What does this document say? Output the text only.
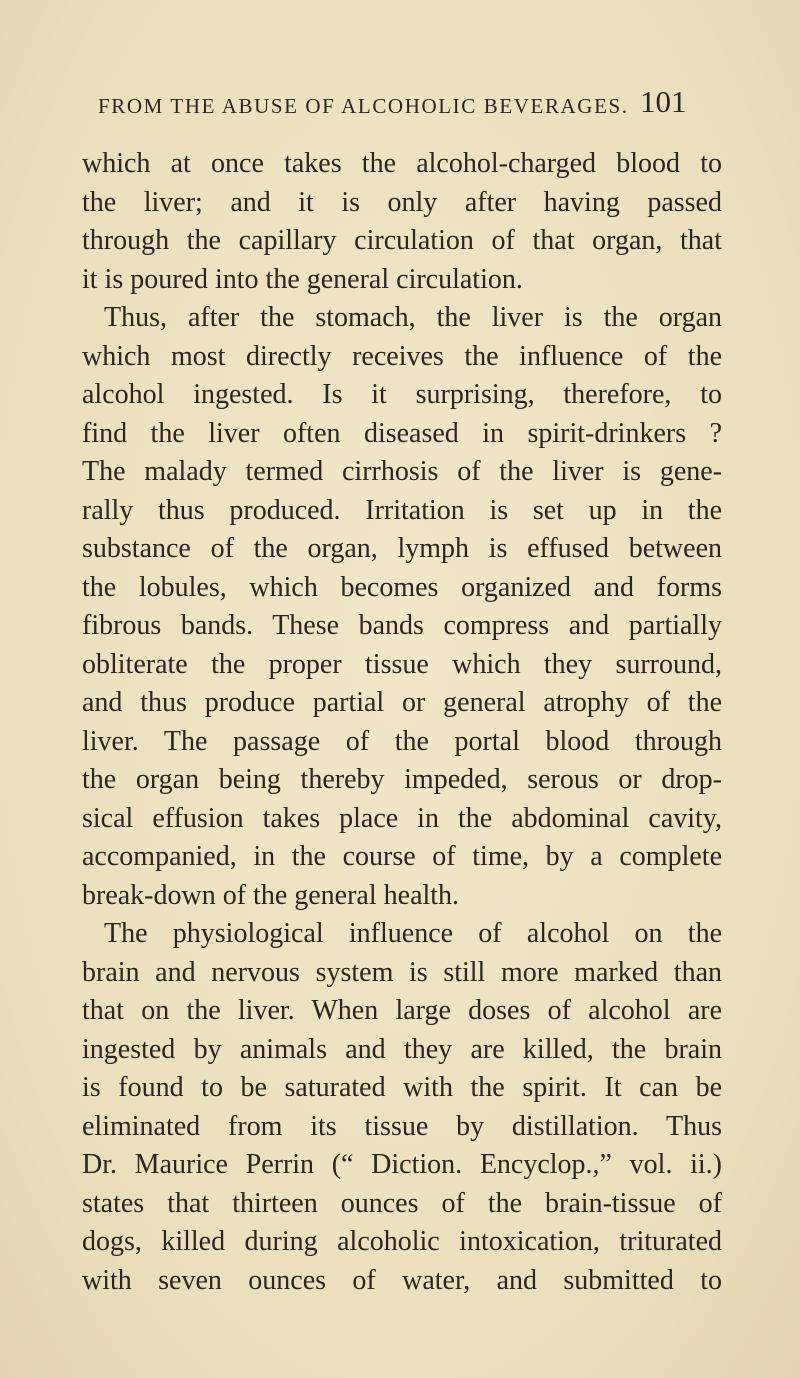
FROM THE ABUSE OF ALCOHOLIC BEVERAGES. 101
which at once takes the alcohol-charged blood to
the liver; and it is only after having passed
through the capillary circulation of that organ, that
it is poured into the general circulation.
Thus, after the stomach, the liver is the organ
which most directly receives the influence of the
alcohol ingested. Is it surprising, therefore, to
find the liver often diseased in spirit-drinkers ?
The malady termed cirrhosis of the liver is gene-
rally thus produced. Irritation is set up in the
substance of the organ, lymph is effused between
the lobules, which becomes organized and forms
fibrous bands. These bands compress and partially
obliterate the proper tissue which they surround,
and thus produce partial or general atrophy of the
liver. The passage of the portal blood through
the organ being thereby impeded, serous or drop-
sical effusion takes place in the abdominal cavity,
accompanied, in the course of time, by a complete
break-down of the general health.
The physiological influence of alcohol on the
brain and nervous system is still more marked than
that on the liver. When large doses of alcohol are
ingested by animals and they are killed, the brain
is found to be saturated with the spirit. It can be
eliminated from its tissue by distillation. Thus
Dr. Maurice Perrin (“ Diction. Encyclop.,” vol. ii.)
states that thirteen ounces of the brain-tissue of
dogs, killed during alcoholic intoxication, triturated
with seven ounces of water, and submitted to
